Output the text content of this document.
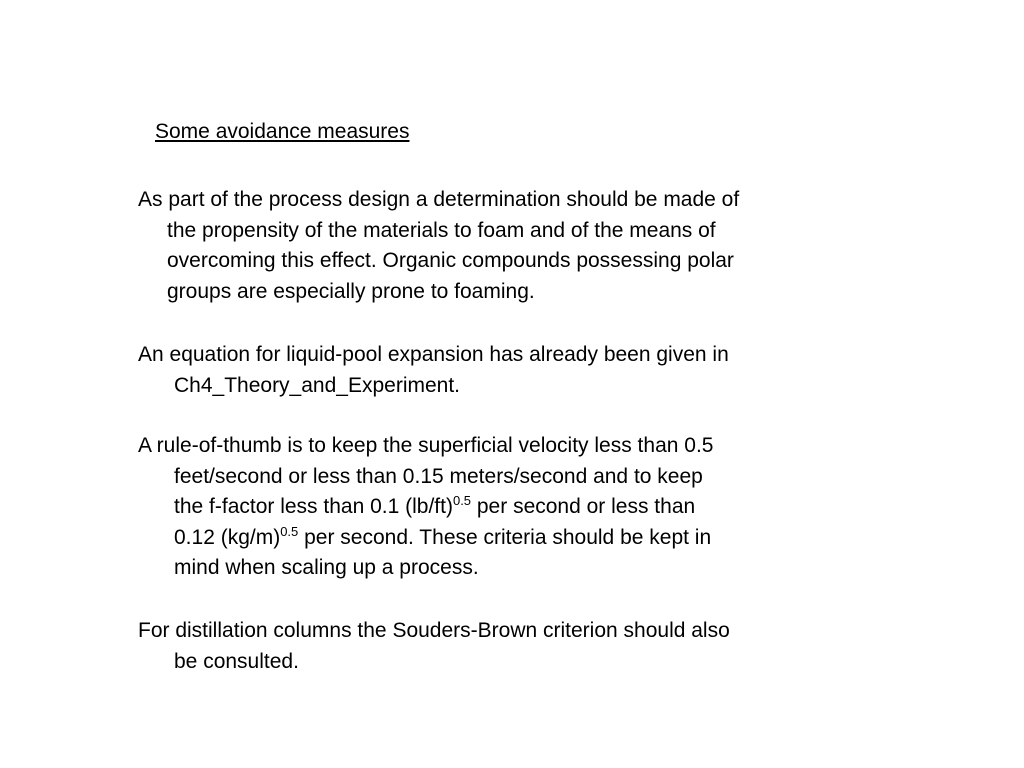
Some avoidance measures

As part of the process design a determination should be made of
the propensity of the materials to foam and of the means of
overcoming this effect. Organic compounds possessing polar
groups are especially prone to foaming.

An equation for liquid-pool expansion has already been given in
Ch4_Theory_and_Experiment.

A rule-of-thumb is to keep the superficial velocity less than 0.5
feet/second or less than 0.15 meters/second and to keep
the f-factor less than 0.1 $(lb/ft)^{0.5}$ per second or less than
0.12 $(kg/m)^{0.5}$ per second. These criteria should be kept in
mind when scaling up a process.

For distillation columns the Souders-Brown criterion should also
be consulted.
